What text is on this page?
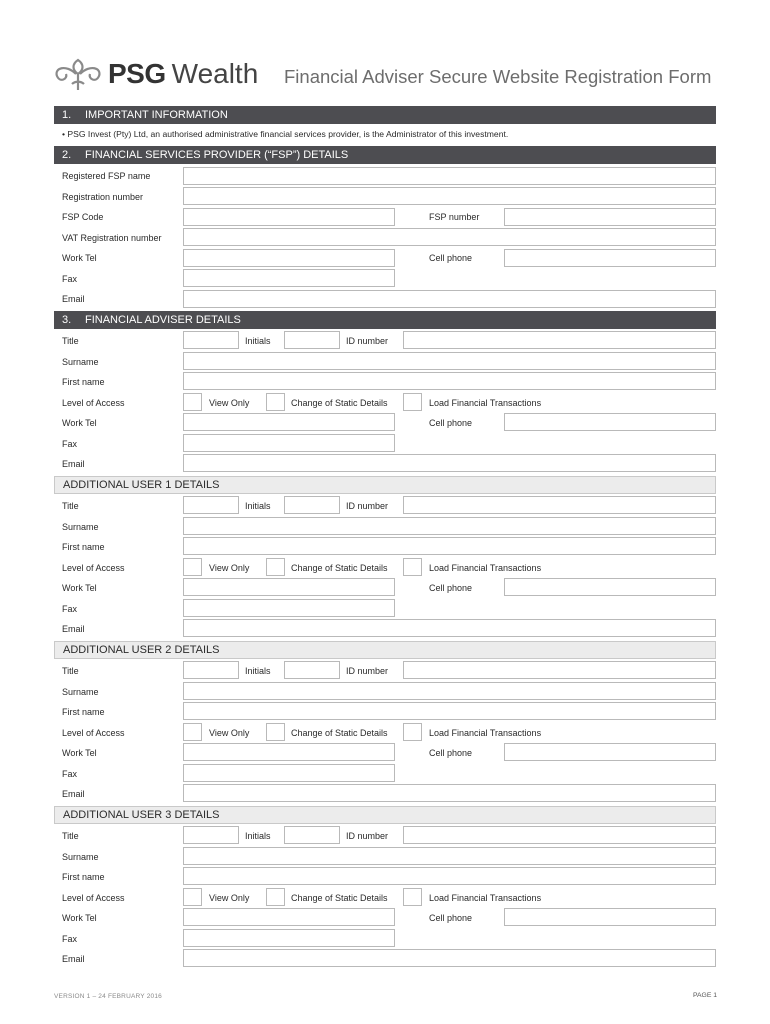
PSG Wealth Financial Adviser Secure Website Registration Form
1. IMPORTANT INFORMATION
• PSG Invest (Pty) Ltd, an authorised administrative financial services provider, is the Administrator of this investment.
2. FINANCIAL SERVICES PROVIDER (“FSP”) DETAILS
Registered FSP name
Registration number
FSP Code	FSP number
VAT Registration number
Work Tel	Cell phone
Fax
Email
3. FINANCIAL ADVISER DETAILS
Title	Initials	ID number
Surname
First name
Level of Access	View Only	Change of Static Details	Load Financial Transactions
Work Tel	Cell phone
Fax
Email
ADDITIONAL USER 1 DETAILS
Title	Initials	ID number
Surname
First name
Level of Access	View Only	Change of Static Details	Load Financial Transactions
Work Tel	Cell phone
Fax
Email
ADDITIONAL USER 2 DETAILS
Title	Initials	ID number
Surname
First name
Level of Access	View Only	Change of Static Details	Load Financial Transactions
Work Tel	Cell phone
Fax
Email
ADDITIONAL USER 3 DETAILS
Title	Initials	ID number
Surname
First name
Level of Access	View Only	Change of Static Details	Load Financial Transactions
Work Tel	Cell phone
Fax
Email
VERSION 1 – 24 FEBRUARY 2016	PAGE 1
